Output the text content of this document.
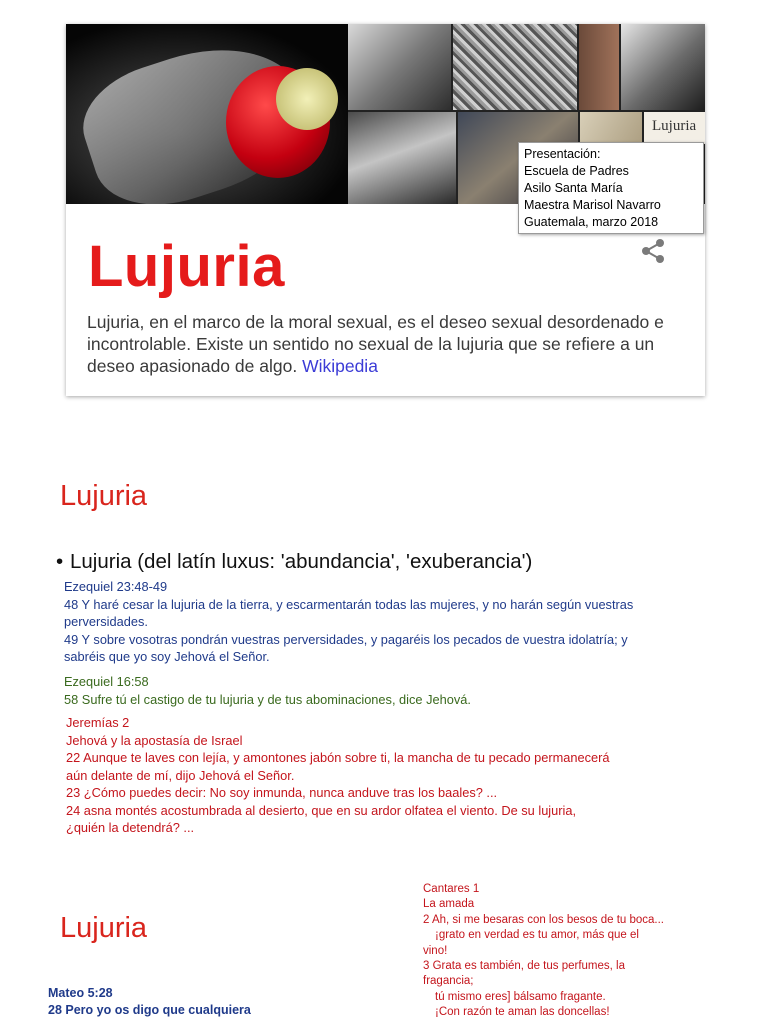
Lujuria
Presentación:
Escuela de Padres
Asilo Santa María
Maestra Marisol Navarro
Guatemala, marzo 2018
Lujuria
Lujuria, en el marco de la moral sexual, es el deseo sexual desordenado e incontrolable. Existe un sentido no sexual de la lujuria que se refiere a un deseo apasionado de algo. Wikipedia
Lujuria
• Lujuria (del latín luxus: 'abundancia', 'exuberancia')
Ezequiel 23:48-49
48 Y haré cesar la lujuria de la tierra, y escarmentarán todas las mujeres, y no harán según vuestras
perversidades.
49 Y sobre vosotras pondrán vuestras perversidades, y pagaréis los pecados de vuestra idolatría; y
sabréis que yo soy Jehová el Señor.
Ezequiel 16:58
58 Sufre tú el castigo de tu lujuria y de tus abominaciones, dice Jehová.
Jeremías 2
Jehová y la apostasía de Israel
22 Aunque te laves con lejía, y amontones jabón sobre ti, la mancha de tu pecado permanecerá
aún delante de mí, dijo Jehová el Señor.
23 ¿Cómo puedes decir: No soy inmunda, nunca anduve tras los baales? ...
24 asna montés acostumbrada al desierto, que en su ardor olfatea el viento. De su lujuria,
¿quién la detendrá? ...
Lujuria
Cantares 1
La amada
2 Ah, si me besaras con los besos de tu boca...
¡grato en verdad es tu amor, más que el
vino!
3 Grata es también, de tus perfumes, la
fragancia;
tú mismo eres] bálsamo fragante.
¡Con razón te aman las doncellas!
Mateo 5:28
28 Pero yo os digo que cualquiera
